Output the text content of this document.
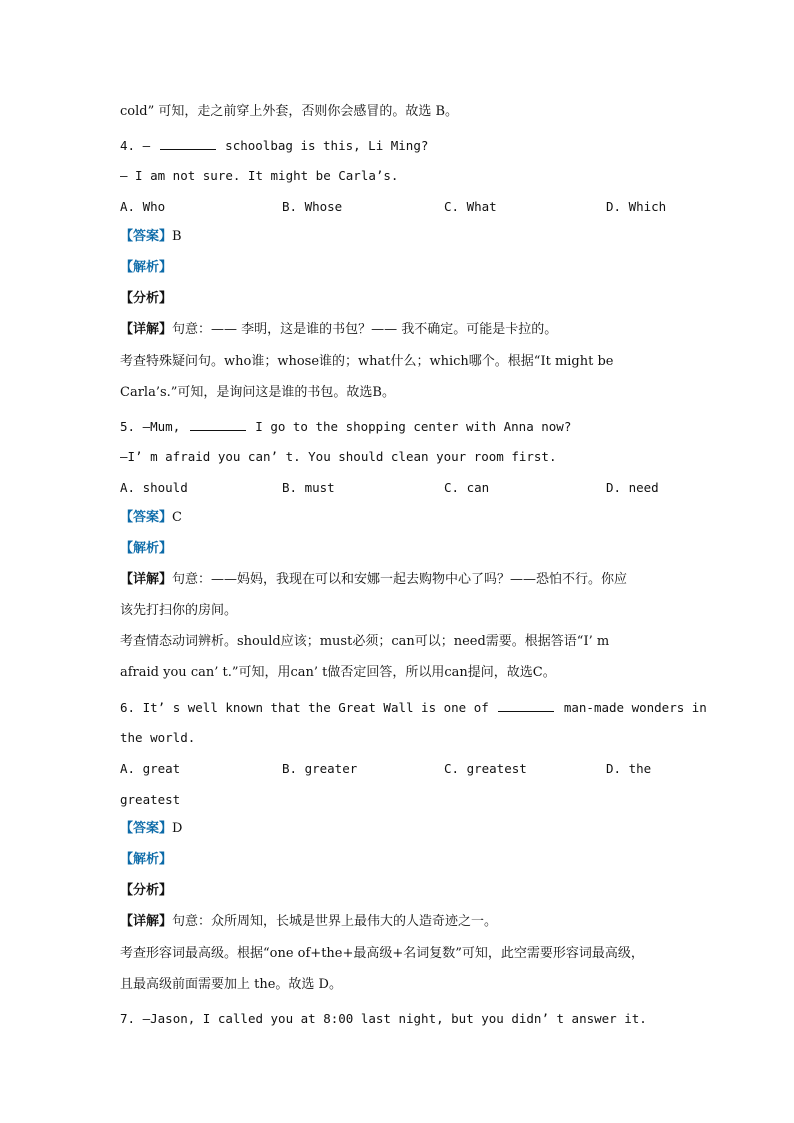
cold” 可知，走之前穿上外套，否则你会感冒的。故选 B。
4. —	schoolbag is this, Li Ming?
— I am not sure. It might be Carla’s.
A. Who	B. Whose	C. What	D. Which
【答案】B
【解析】
【分析】
【详解】句意：—— 李明，这是谁的书包？—— 我不确定。可能是卡拉的。
考查特殊疑问句。who谁；whose谁的；what什么；which哪个。根据“It might be
Carla’s.”可知，是询问这是谁的书包。故选B。
5. —Mum,	I go to the shopping center with Anna now?
—I’ m afraid you can’ t. You should clean your room first.
A. should	B. must	C. can	D. need
【答案】C
【解析】
【详解】句意：——妈妈，我现在可以和安娜一起去购物中心了吗？——恐怕不行。你应
该先打扫你的房间。
考查情态动词辨析。should应该；must必须；can可以；need需要。根据答语“I’ m
afraid you can’ t.”可知，用can’ t做否定回答，所以用can提问，故选C。
6. It’ s well known that the Great Wall is one of	man-made wonders in
the world.
A. great	B. greater	C. greatest	D. the
greatest
【答案】D
【解析】
【分析】
【详解】句意：众所周知，长城是世界上最伟大的人造奇迹之一。
考查形容词最高级。根据“one of+the+最高级+名词复数”可知，此空需要形容词最高级，
且最高级前面需要加上 the。故选 D。
7. —Jason, I called you at 8:00 last night, but you didn’ t answer it.
